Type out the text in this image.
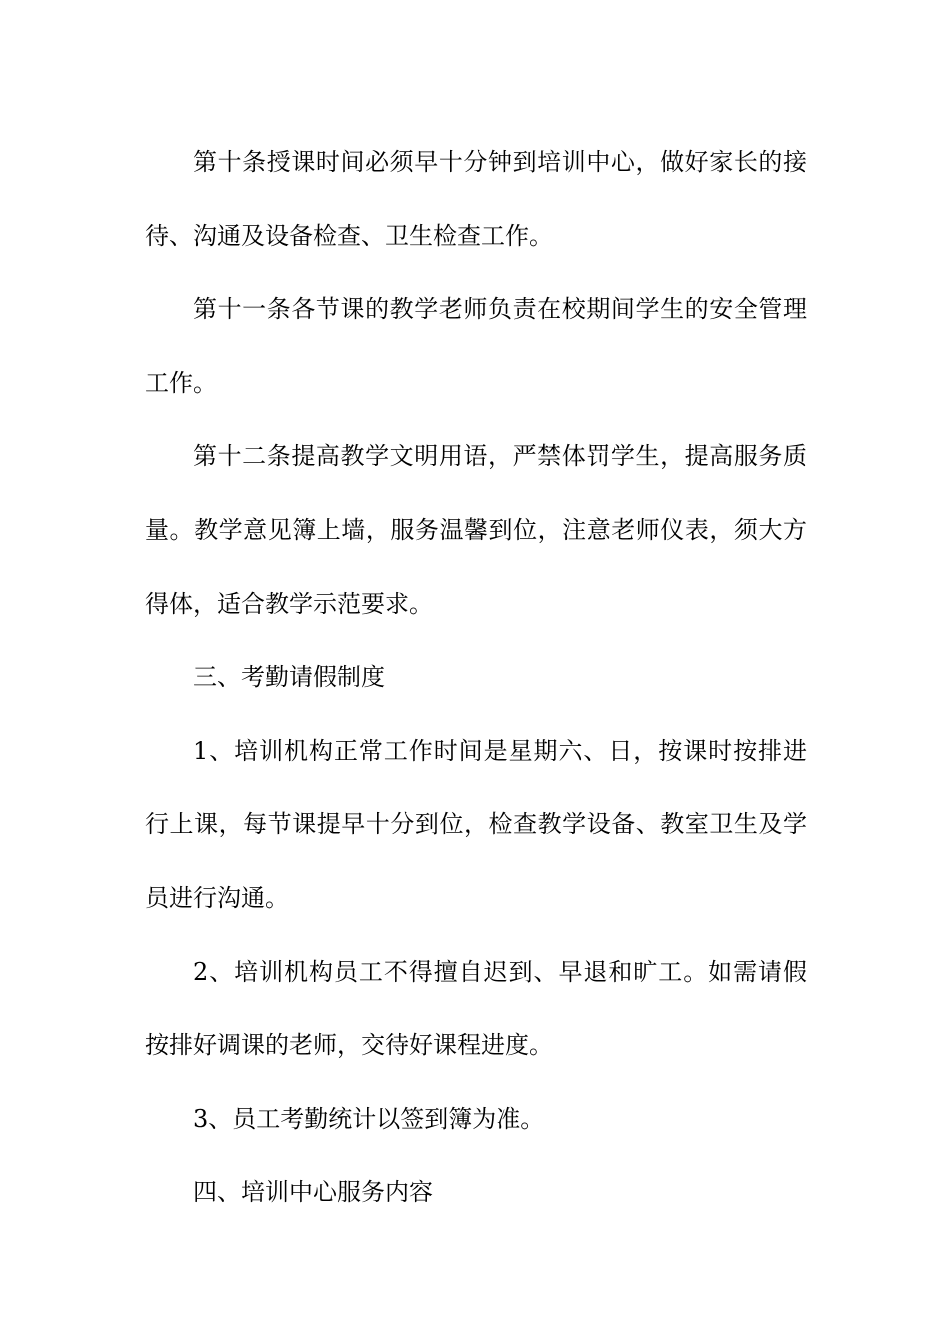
第十条授课时间必须早十分钟到培训中心，做好家长的接待、沟通及设备检查、卫生检查工作。

第十一条各节课的教学老师负责在校期间学生的安全管理工作。

第十二条提高教学文明用语，严禁体罚学生，提高服务质量。教学意见簿上墙，服务温馨到位，注意老师仪表，须大方得体，适合教学示范要求。

三、考勤请假制度

1、培训机构正常工作时间是星期六、日，按课时按排进行上课，每节课提早十分到位，检查教学设备、教室卫生及学员进行沟通。

2、培训机构员工不得擅自迟到、早退和旷工。如需请假按排好调课的老师，交待好课程进度。

3、员工考勤统计以签到簿为准。

四、培训中心服务内容
